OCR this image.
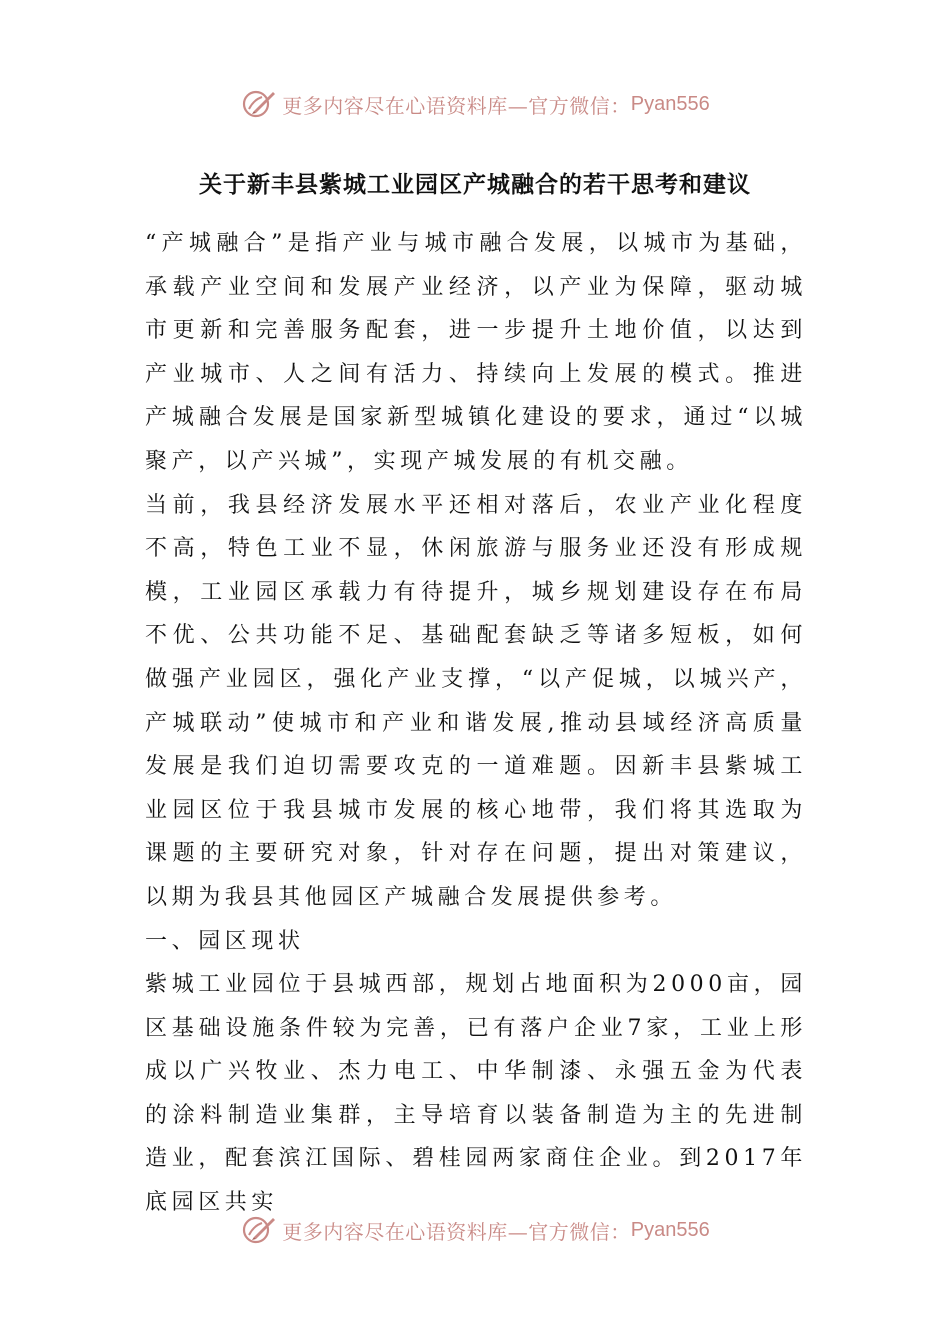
更多内容尽在心语资料库—官方微信： Pyan556
关于新丰县紫城工业园区产城融合的若干思考和建议

“产城融合”是指产业与城市融合发展，以城市为基础，承载产业空间和发展产业经济，以产业为保障，驱动城市更新和完善服务配套，进一步提升土地价值，以达到产业城市、人之间有活力、持续向上发展的模式。推进产城融合发展是国家新型城镇化建设的要求，通过“以城聚产，以产兴城”，实现产城发展的有机交融。

当前，我县经济发展水平还相对落后，农业产业化程度不高，特色工业不显，休闲旅游与服务业还没有形成规模，工业园区承载力有待提升，城乡规划建设存在布局不优、公共功能不足、基础配套缺乏等诸多短板，如何做强产业园区，强化产业支撑，“以产促城，以城兴产，产城联动”使城市和产业和谐发展,推动县域经济高质量发展是我们迫切需要攻克的一道难题。因新丰县紫城工业园区位于我县城市发展的核心地带，我们将其选取为课题的主要研究对象，针对存在问题，提出对策建议，以期为我县其他园区产城融合发展提供参考。

一、园区现状

紫城工业园位于县城西部，规划占地面积为2000亩，园区基础设施条件较为完善，已有落户企业7家，工业上形成以广兴牧业、杰力电工、中华制漆、永强五金为代表的涂料制造业集群，主导培育以装备制造为主的先进制造业，配套滨江国际、碧桂园两家商住企业。到2017年底园区共实

更多内容尽在心语资料库—官方微信： Pyan556
